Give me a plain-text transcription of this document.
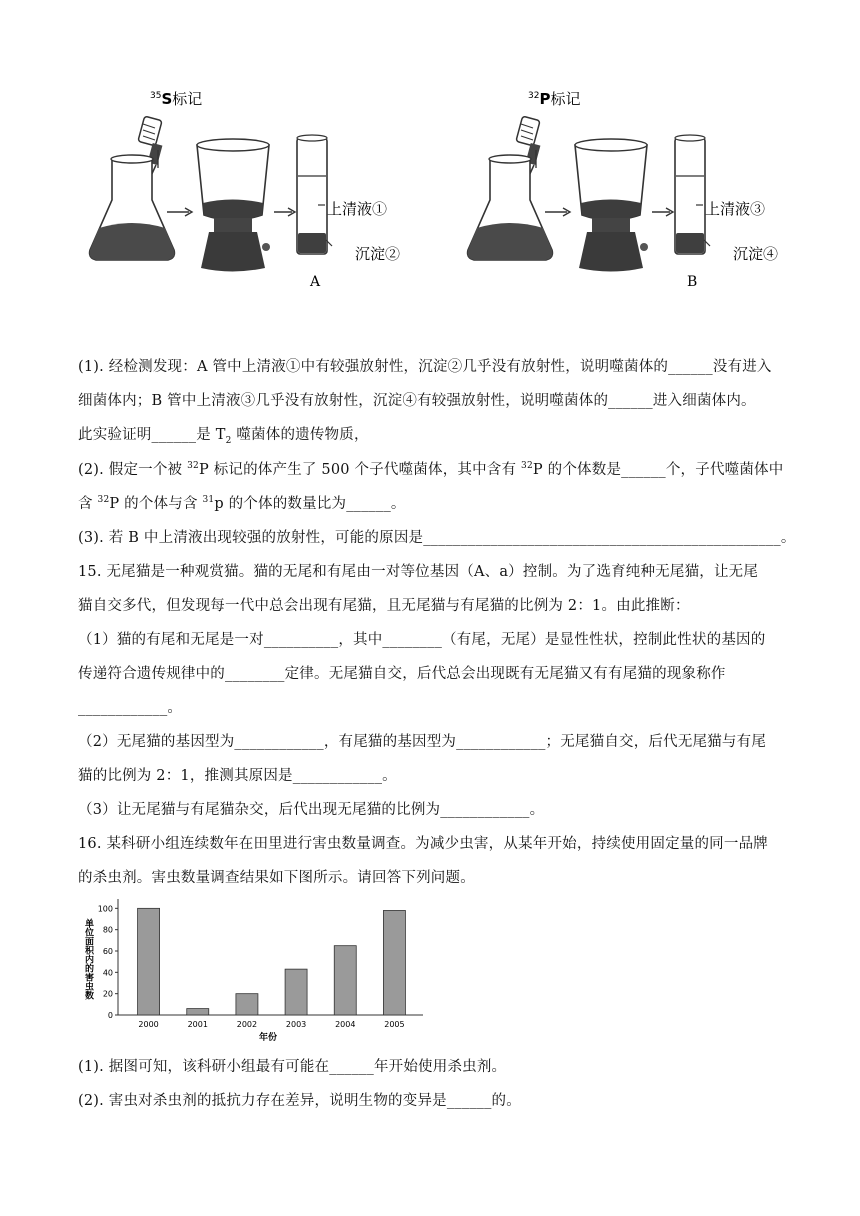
$^{35}$S标记
上清液①
沉淀②
A
$^{32}$P标记
上清液③
沉淀④
B
(1). 经检测发现：A 管中上清液①中有较强放射性，沉淀②几乎没有放射性，说明噬菌体的______没有进入
细菌体内；B 管中上清液③几乎没有放射性，沉淀④有较强放射性，说明噬菌体的______进入细菌体内。
此实验证明______是 $T_2$ 噬菌体的遗传物质，
(2). 假定一个被 $^{32}$P 标记的体产生了 500 个子代噬菌体，其中含有 $^{32}$P 的个体数是______个，子代噬菌体中
含 $^{32}$P 的个体与含 $^{31}$p 的个体的数量比为______。
(3). 若 B 中上清液出现较强的放射性，可能的原因是________________________________________________。
15. 无尾猫是一种观赏猫。猫的无尾和有尾由一对等位基因（A、a）控制。为了选育纯种无尾猫，让无尾
猫自交多代，但发现每一代中总会出现有尾猫，且无尾猫与有尾猫的比例为 2：1。由此推断：
（1）猫的有尾和无尾是一对__________，其中________（有尾，无尾）是显性性状，控制此性状的基因的
传递符合遗传规律中的________定律。无尾猫自交，后代总会出现既有无尾猫又有有尾猫的现象称作
____________。
（2）无尾猫的基因型为____________，有尾猫的基因型为____________；无尾猫自交，后代无尾猫与有尾
猫的比例为 2：1，推测其原因是____________。
（3）让无尾猫与有尾猫杂交，后代出现无尾猫的比例为____________。
16. 某科研小组连续数年在田里进行害虫数量调查。为减少虫害，从某年开始，持续使用固定量的同一品牌
的杀虫剂。害虫数量调查结果如下图所示。请回答下列问题。
0
20
40
60
80
100
2000	2001	2002	2003	2004	2005
年份
单位面积内的害虫数
(1). 据图可知，该科研小组最有可能在______年开始使用杀虫剂。
(2). 害虫对杀虫剂的抵抗力存在差异，说明生物的变异是______的。
